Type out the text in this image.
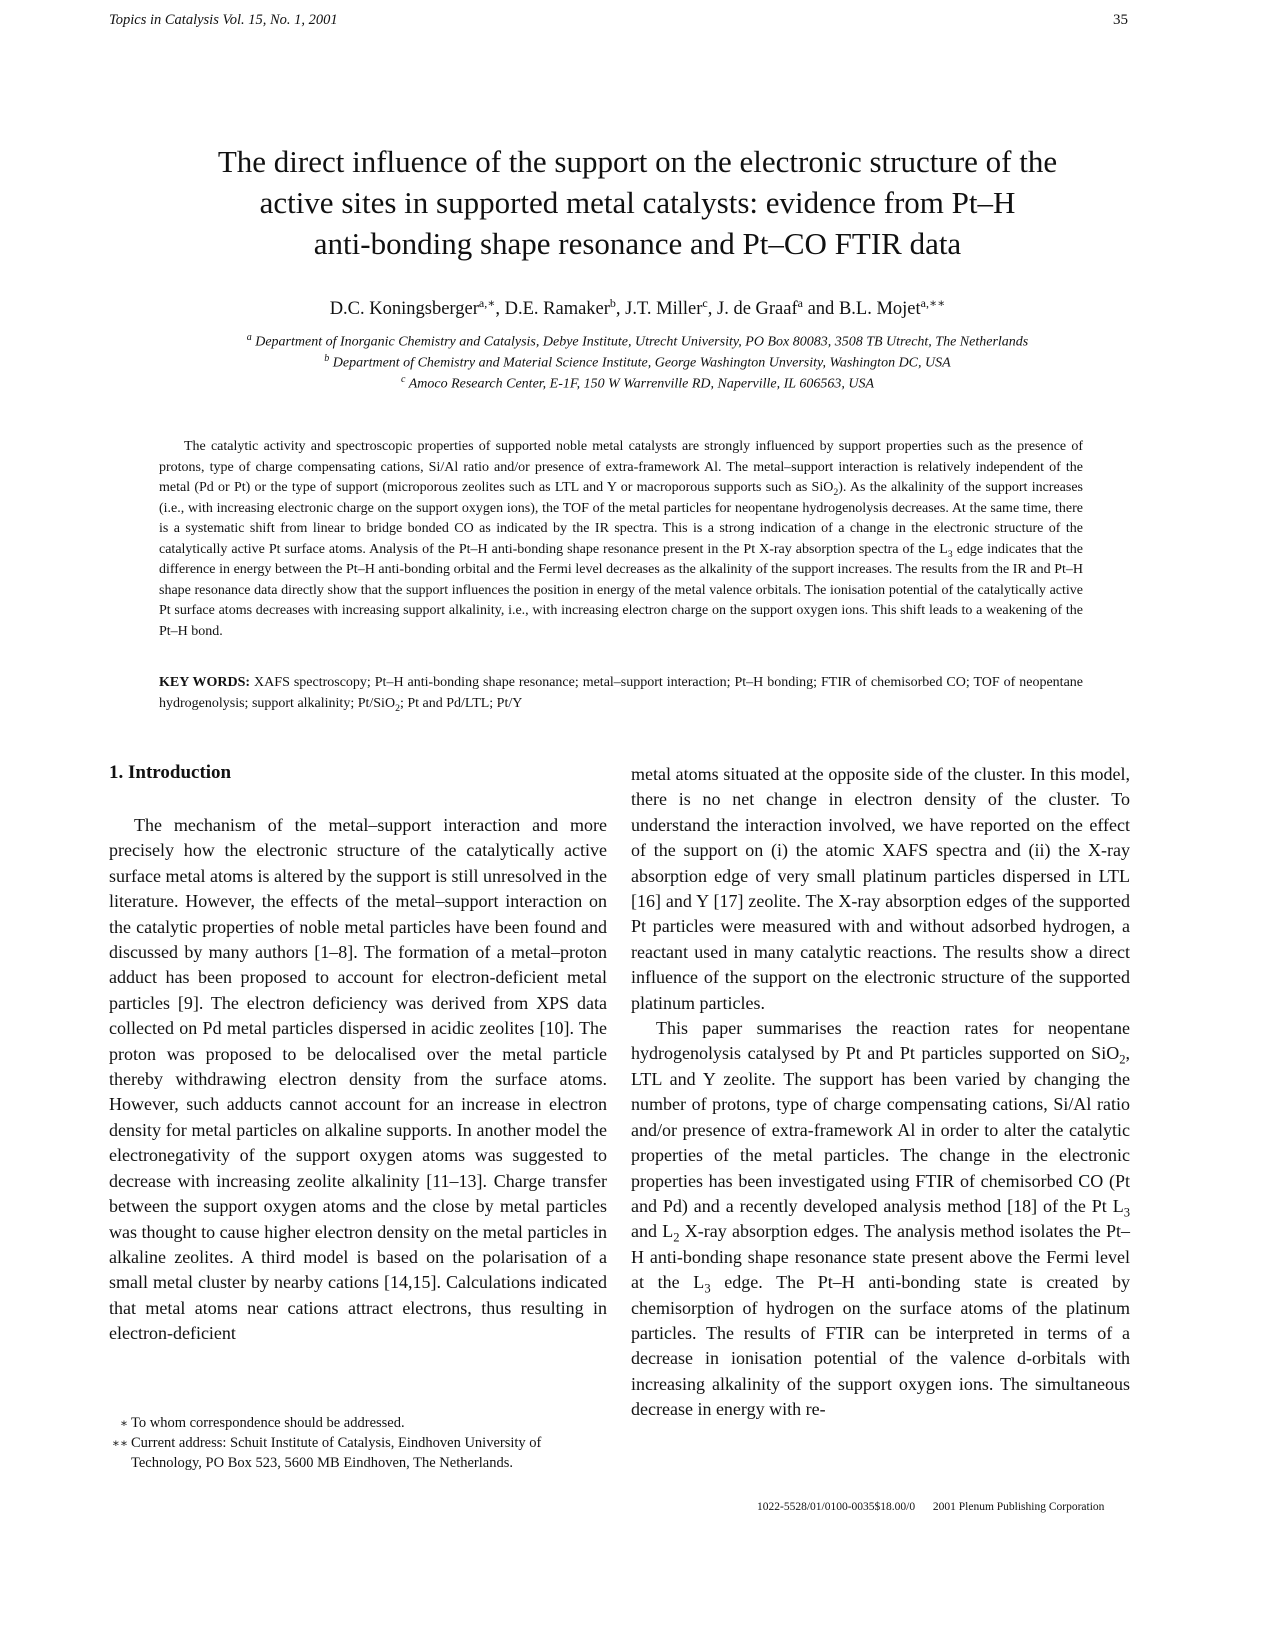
Topics in Catalysis Vol. 15, No. 1, 2001	35
The direct influence of the support on the electronic structure of the
active sites in supported metal catalysts: evidence from Pt–H
anti-bonding shape resonance and Pt–CO FTIR data
D.C. Koningsberger$^{a,∗}$, D.E. Ramaker$^b$, J.T. Miller$^c$, J. de Graaf$^a$ and B.L. Mojet$^{a,∗∗}$
$^a$ Department of Inorganic Chemistry and Catalysis, Debye Institute, Utrecht University, PO Box 80083, 3508 TB Utrecht, The Netherlands
$^b$ Department of Chemistry and Material Science Institute, George Washington Unversity, Washington DC, USA
$^c$ Amoco Research Center, E-1F, 150 W Warrenville RD, Naperville, IL 606563, USA

The catalytic activity and spectroscopic properties of supported noble metal catalysts are strongly influenced by support properties such as the presence of protons, type of charge compensating cations, Si/Al ratio and/or presence of extra-framework Al. The metal–support interaction is relatively independent of the metal (Pd or Pt) or the type of support (microporous zeolites such as LTL and Y or macroporous supports such as SiO$_2$). As the alkalinity of the support increases (i.e., with increasing electronic charge on the support oxygen ions), the TOF of the metal particles for neopentane hydrogenolysis decreases. At the same time, there is a systematic shift from linear to bridge bonded CO as indicated by the IR spectra. This is a strong indication of a change in the electronic structure of the catalytically active Pt surface atoms. Analysis of the Pt–H anti-bonding shape resonance present in the Pt X-ray absorption spectra of the $L_3$ edge indicates that the difference in energy between the Pt–H anti-bonding orbital and the Fermi level decreases as the alkalinity of the support increases. The results from the IR and Pt–H shape resonance data directly show that the support influences the position in energy of the metal valence orbitals. The ionisation potential of the catalytically active Pt surface atoms decreases with increasing support alkalinity, i.e., with increasing electron charge on the support oxygen ions. This shift leads to a weakening of the Pt–H bond.

KEY WORDS: XAFS spectroscopy; Pt–H anti-bonding shape resonance; metal–support interaction; Pt–H bonding; FTIR of chemisorbed CO; TOF of neopentane hydrogenolysis; support alkalinity; Pt/SiO$_2$; Pt and Pd/LTL; Pt/Y

1. Introduction

The mechanism of the metal–support interaction and more precisely how the electronic structure of the catalytically active surface metal atoms is altered by the support is still unresolved in the literature. However, the effects of the metal–support interaction on the catalytic properties of noble metal particles have been found and discussed by many authors [1–8]. The formation of a metal–proton adduct has been proposed to account for electron-deficient metal particles [9]. The electron deficiency was derived from XPS data collected on Pd metal particles dispersed in acidic zeolites [10]. The proton was proposed to be delocalised over the metal particle thereby withdrawing electron density from the surface atoms. However, such adducts cannot account for an increase in electron density for metal particles on alkaline supports. In another model the electronegativity of the support oxygen atoms was suggested to decrease with increasing zeolite alkalinity [11–13]. Charge transfer between the support oxygen atoms and the close by metal particles was thought to cause higher electron density on the metal particles in alkaline zeolites. A third model is based on the polarisation of a small metal cluster by nearby cations [14,15]. Calculations indicated that metal atoms near cations attract electrons, thus resulting in electron-deficient

metal atoms situated at the opposite side of the cluster. In this model, there is no net change in electron density of the cluster. To understand the interaction involved, we have reported on the effect of the support on (i) the atomic XAFS spectra and (ii) the X-ray absorption edge of very small platinum particles dispersed in LTL [16] and Y [17] zeolite. The X-ray absorption edges of the supported Pt particles were measured with and without adsorbed hydrogen, a reactant used in many catalytic reactions. The results show a direct influence of the support on the electronic structure of the supported platinum particles.

This paper summarises the reaction rates for neopentane hydrogenolysis catalysed by Pt and Pt particles supported on SiO$_2$, LTL and Y zeolite. The support has been varied by changing the number of protons, type of charge compensating cations, Si/Al ratio and/or presence of extra-framework Al in order to alter the catalytic properties of the metal particles. The change in the electronic properties has been investigated using FTIR of chemisorbed CO (Pt and Pd) and a recently developed analysis method [18] of the Pt $L_3$ and $L_2$ X-ray absorption edges. The analysis method isolates the Pt–H anti-bonding shape resonance state present above the Fermi level at the $L_3$ edge. The Pt–H anti-bonding state is created by chemisorption of hydrogen on the surface atoms of the platinum particles. The results of FTIR can be interpreted in terms of a decrease in ionisation potential of the valence d-orbitals with increasing alkalinity of the support oxygen ions. The simultaneous decrease in energy with re-

∗ To whom correspondence should be addressed.
∗∗ Current address: Schuit Institute of Catalysis, Eindhoven University of Technology, PO Box 523, 5600 MB Eindhoven, The Netherlands.
1022-5528/01/0100-0035$18.00/0 2001 Plenum Publishing Corporation
